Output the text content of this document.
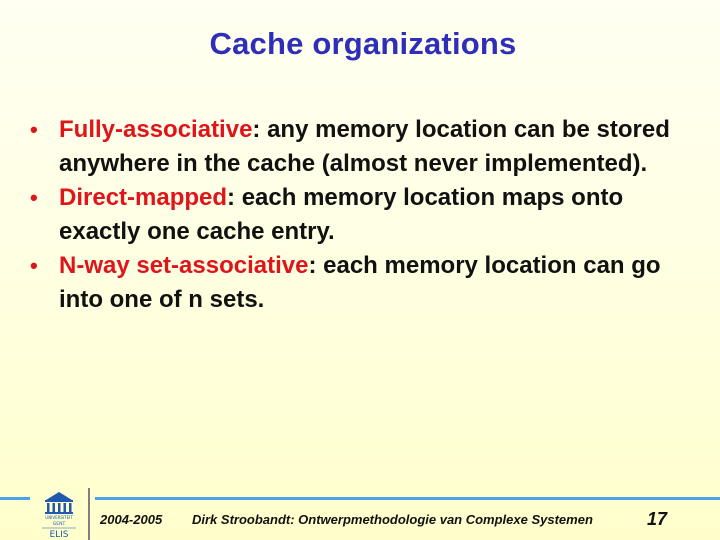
Cache organizations
• Fully-associative: any memory location can be stored anywhere in the cache (almost never implemented).
• Direct-mapped: each memory location maps onto exactly one cache entry.
• N-way set-associative: each memory location can go into one of n sets.
UNIVERSITEIT
GENT
ELIS
2004-2005 Dirk Stroobandt: Ontwerpmethodologie van Complexe Systemen	17
